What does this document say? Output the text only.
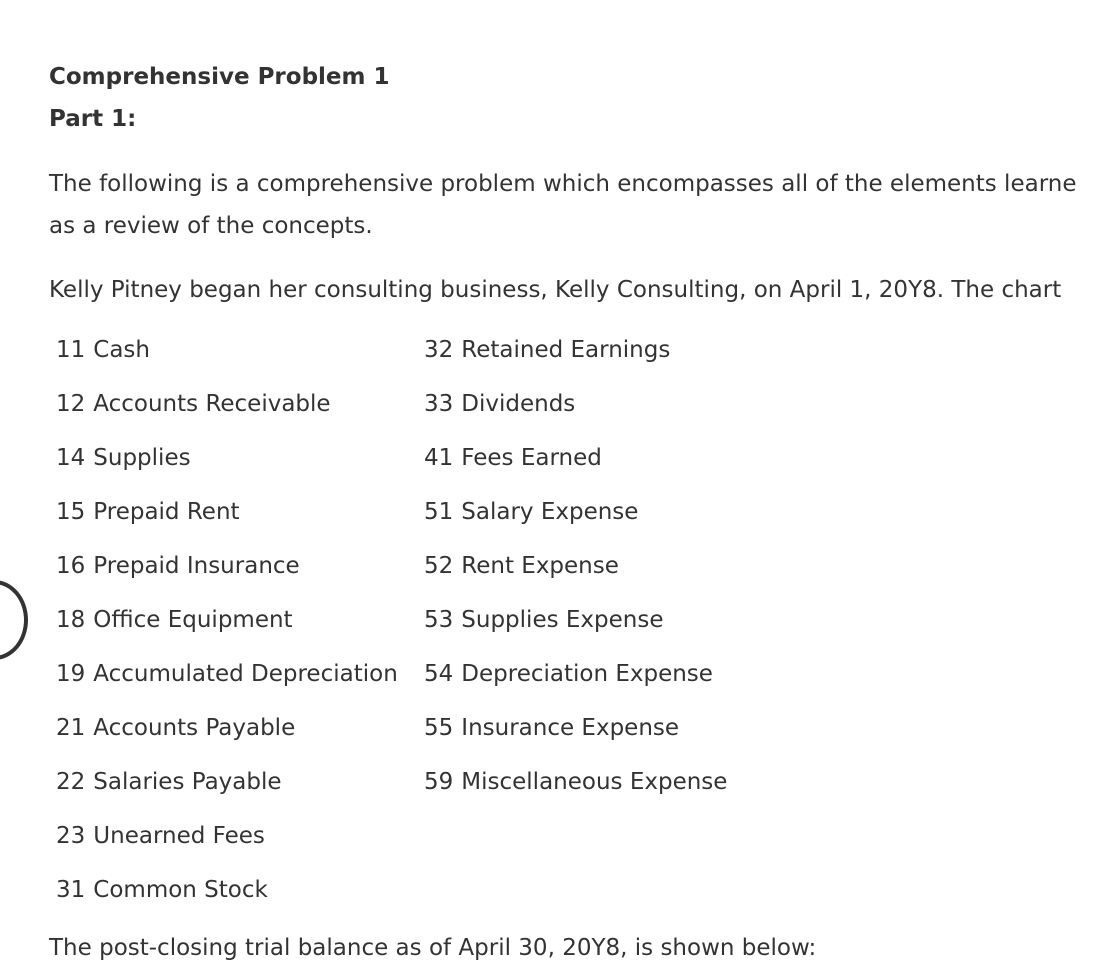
Comprehensive Problem 1
Part 1:
The following is a comprehensive problem which encompasses all of the elements learne
as a review of the concepts.
Kelly Pitney began her consulting business, Kelly Consulting, on April 1, 20Y8. The chart
11 Cash
12 Accounts Receivable
14 Supplies
15 Prepaid Rent
16 Prepaid Insurance
18 Office Equipment
19 Accumulated Depreciation
21 Accounts Payable
22 Salaries Payable
23 Unearned Fees
31 Common Stock
32 Retained Earnings
33 Dividends
41 Fees Earned
51 Salary Expense
52 Rent Expense
53 Supplies Expense
54 Depreciation Expense
55 Insurance Expense
59 Miscellaneous Expense
The post-closing trial balance as of April 30, 20Y8, is shown below:
